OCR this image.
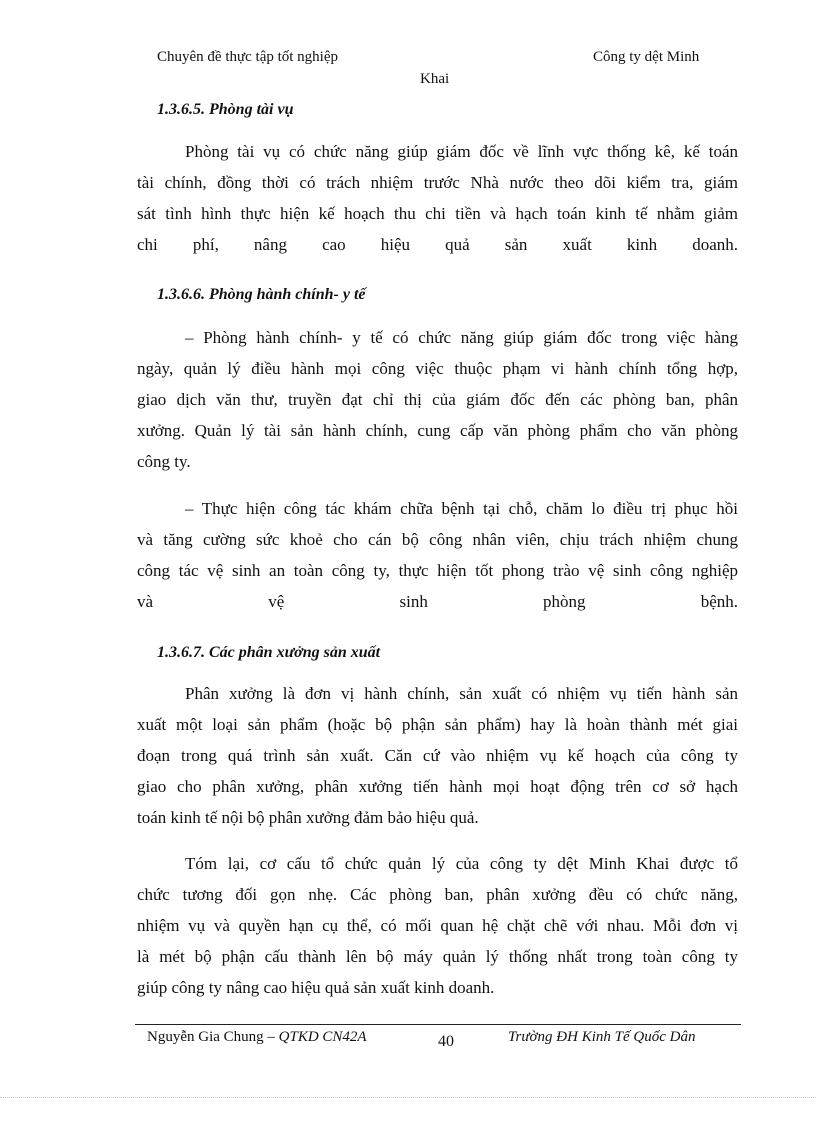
Chuyên đề thực tập tốt nghiệp	Công ty dệt Minh
Khai
1.3.6.5. Phòng tài vụ
Phòng tài vụ có chức năng giúp giám đốc về lĩnh vực thống kê, kế toán
tài chính, đồng thời có trách nhiệm trước Nhà nước theo dõi kiểm tra, giám
sát tình hình thực hiện kế hoạch thu chi tiền và hạch toán kinh tế nhằm giảm
chi phí, nâng cao hiệu quả sản xuất kinh doanh.
1.3.6.6. Phòng hành chính- y tế
– Phòng hành chính- y tế có chức năng giúp giám đốc trong việc hàng
ngày, quản lý điều hành mọi công việc thuộc phạm vi hành chính tổng hợp,
giao dịch văn thư, truyền đạt chỉ thị của giám đốc đến các phòng ban, phân
xưởng. Quản lý tài sản hành chính, cung cấp văn phòng phẩm cho văn phòng
công ty.
– Thực hiện công tác khám chữa bệnh tại chỗ, chăm lo điều trị phục hồi
và tăng cường sức khoẻ cho cán bộ công nhân viên, chịu trách nhiệm chung
công tác vệ sinh an toàn công ty, thực hiện tốt phong trào vệ sinh công nghiệp
và vệ sinh phòng bệnh.
1.3.6.7. Các phân xưởng sản xuất
Phân xưởng là đơn vị hành chính, sản xuất có nhiệm vụ tiến hành sản
xuất một loại sản phẩm (hoặc bộ phận sản phẩm) hay là hoàn thành mét giai
đoạn trong quá trình sản xuất. Căn cứ vào nhiệm vụ kế hoạch của công ty
giao cho phân xưởng, phân xưởng tiến hành mọi hoạt động trên cơ sở hạch
toán kinh tế nội bộ phân xưởng đảm bảo hiệu quả.
Tóm lại, cơ cấu tổ chức quản lý của công ty dệt Minh Khai được tổ
chức tương đối gọn nhẹ. Các phòng ban, phân xưởng đều có chức năng,
nhiệm vụ và quyền hạn cụ thể, có mối quan hệ chặt chẽ với nhau. Mỗi đơn vị
là mét bộ phận cấu thành lên bộ máy quản lý thống nhất trong toàn công ty
giúp công ty nâng cao hiệu quả sản xuất kinh doanh.
Nguyễn Gia Chung – QTKD CN42A	40	Trường ĐH Kinh Tế Quốc Dân
